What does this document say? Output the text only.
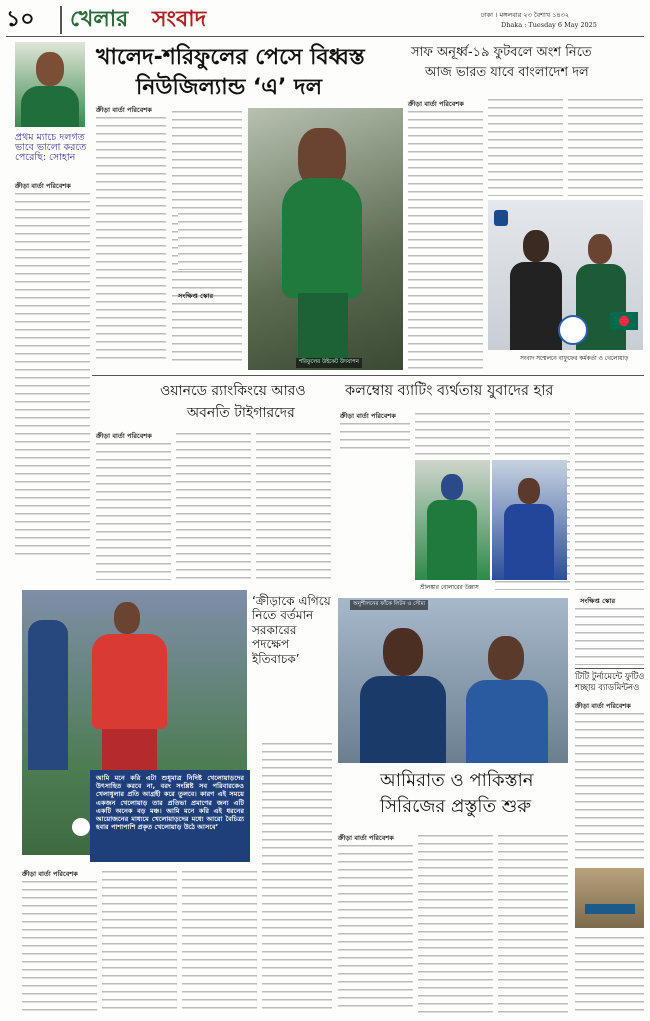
১০ খেলার সংবাদ	ঢাকা । মঙ্গলবার ২৩ বৈশাখ ১৪৩২
Dhaka : Tuesday 6 May 2025
খালেদ-শরিফুলের পেসে বিধ্বস্ত
নিউজিল্যান্ড ‘এ’ দল
প্রথম ম্যাচে দলগত ভাবে ভালো করতে পেরেছি: সোহান
ক্রীড়া বার্তা পরিবেশক
ক্রীড়া বার্তা পরিবেশক
সংক্ষিপ্ত স্কোর
শরিফুলের উইকেট উদযাপন
সাফ অনূর্ধ্ব-১৯ ফুটবলে অংশ নিতে
আজ ভারত যাবে বাংলাদেশ দল
ক্রীড়া বার্তা পরিবেশক
সংবাদ সম্মেলনে বাফুফের কর্মকর্তা ও খেলোয়াড়
ওয়ানডে র‌্যাংকিংয়ে আরও
অবনতি টাইগারদের
ক্রীড়া বার্তা পরিবেশক
কলম্বোয় ব্যাটিং ব্যর্থতায় যুবাদের হার
ক্রীড়া বার্তা পরিবেশক
শ্রীলঙ্কার বোলারের উল্লাস
সংক্ষিপ্ত স্কোর
আমি মনে করি এটা শুধুমাত্র নিদিষ্ট খেলোয়াড়দের উৎসাহিত করবে না, বরং সংশ্লিষ্ট সব পরিবারকেও খেলাধুলার প্রতি আগ্রহী করে তুলবে। কারণ এই সময়ে একজন খেলোয়াড় তার প্রতিভা প্রমাণের জন্য এটি একটি অনেক বড় মঞ্চ। আমি মনে করি এই ধরনের আয়োজনের মাধ্যমে খেলোয়াড়দের মধ্যে আরো বৈচিত্র্য হবার পাশাপাশি প্রকৃত খেলোয়াড় উঠে আসবে’
‘ক্রীড়াকে এগিয়ে নিতে বর্তমান সরকারের পদক্ষেপ ইতিবাচক’
ক্রীড়া বার্তা পরিবেশক
অনুশীলনের ফাঁকে লিটন ও সৌম্য
আমিরাত ও পাকিস্তান
সিরিজের প্রস্তুতি শুরু
ক্রীড়া বার্তা পরিবেশক
টিটি টুর্নামেন্টে ফুটিও শচ্ছায় ব্যাডমিন্টনও
ক্রীড়া বার্তা পরিবেশক
